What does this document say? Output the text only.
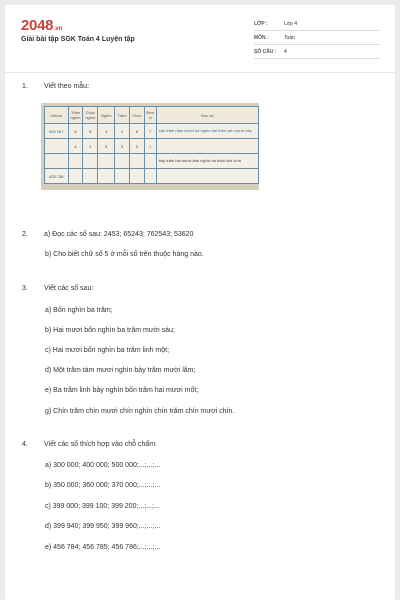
2048.vn
Giải bài tập SGK Toán 4 Luyện tập
LỚP :	Lớp 4
MÔN :	Toán
SỐ CÂU : 4
1.	Viết theo mẫu:
Viết số	Trăm nghìn	Chục nghìn	Nghìn	Trăm	Chục	Đơn vị	Đọc số
653 267	6	5	3	2	6	7	sáu trăm năm mươi ba nghìn hai trăm sáu mươi bảy
	4	2	5	3	0	1	
							bảy trăm hai mươi tám nghìn ba trăm linh chín
425 736							
2.	a) Đọc các số sau: 2453; 65243; 762543; 53620
b) Cho biết chữ số 5 ở mỗi số trên thuộc hàng nào.
3.	Viết các số sau:
a) Bốn nghìn ba trăm;
b) Hai mươi bốn nghìn ba trăm mười sáu;
c) Hai mươi bốn nghìn ba trăm linh một;
d) Một trăm tám mươi nghìn bảy trăm mười lăm;
e) Ba trăm linh bảy nghìn bốn trăm hai mươi mốt;
g) Chín trăm chín mươi chín nghìn chín trăm chín mươi chín.
4.	Viết các số thích hợp vào chỗ chấm:
a) 300 000; 400 000; 500 000;...;...;...
b) 350 000; 360 000; 370 000;...;...;...
c) 399 000; 399 100; 399 200;...;...;...
d) 399 940; 399 950; 399 960;...;...;...
e) 456 784; 456 785; 456 786;...;...;...
